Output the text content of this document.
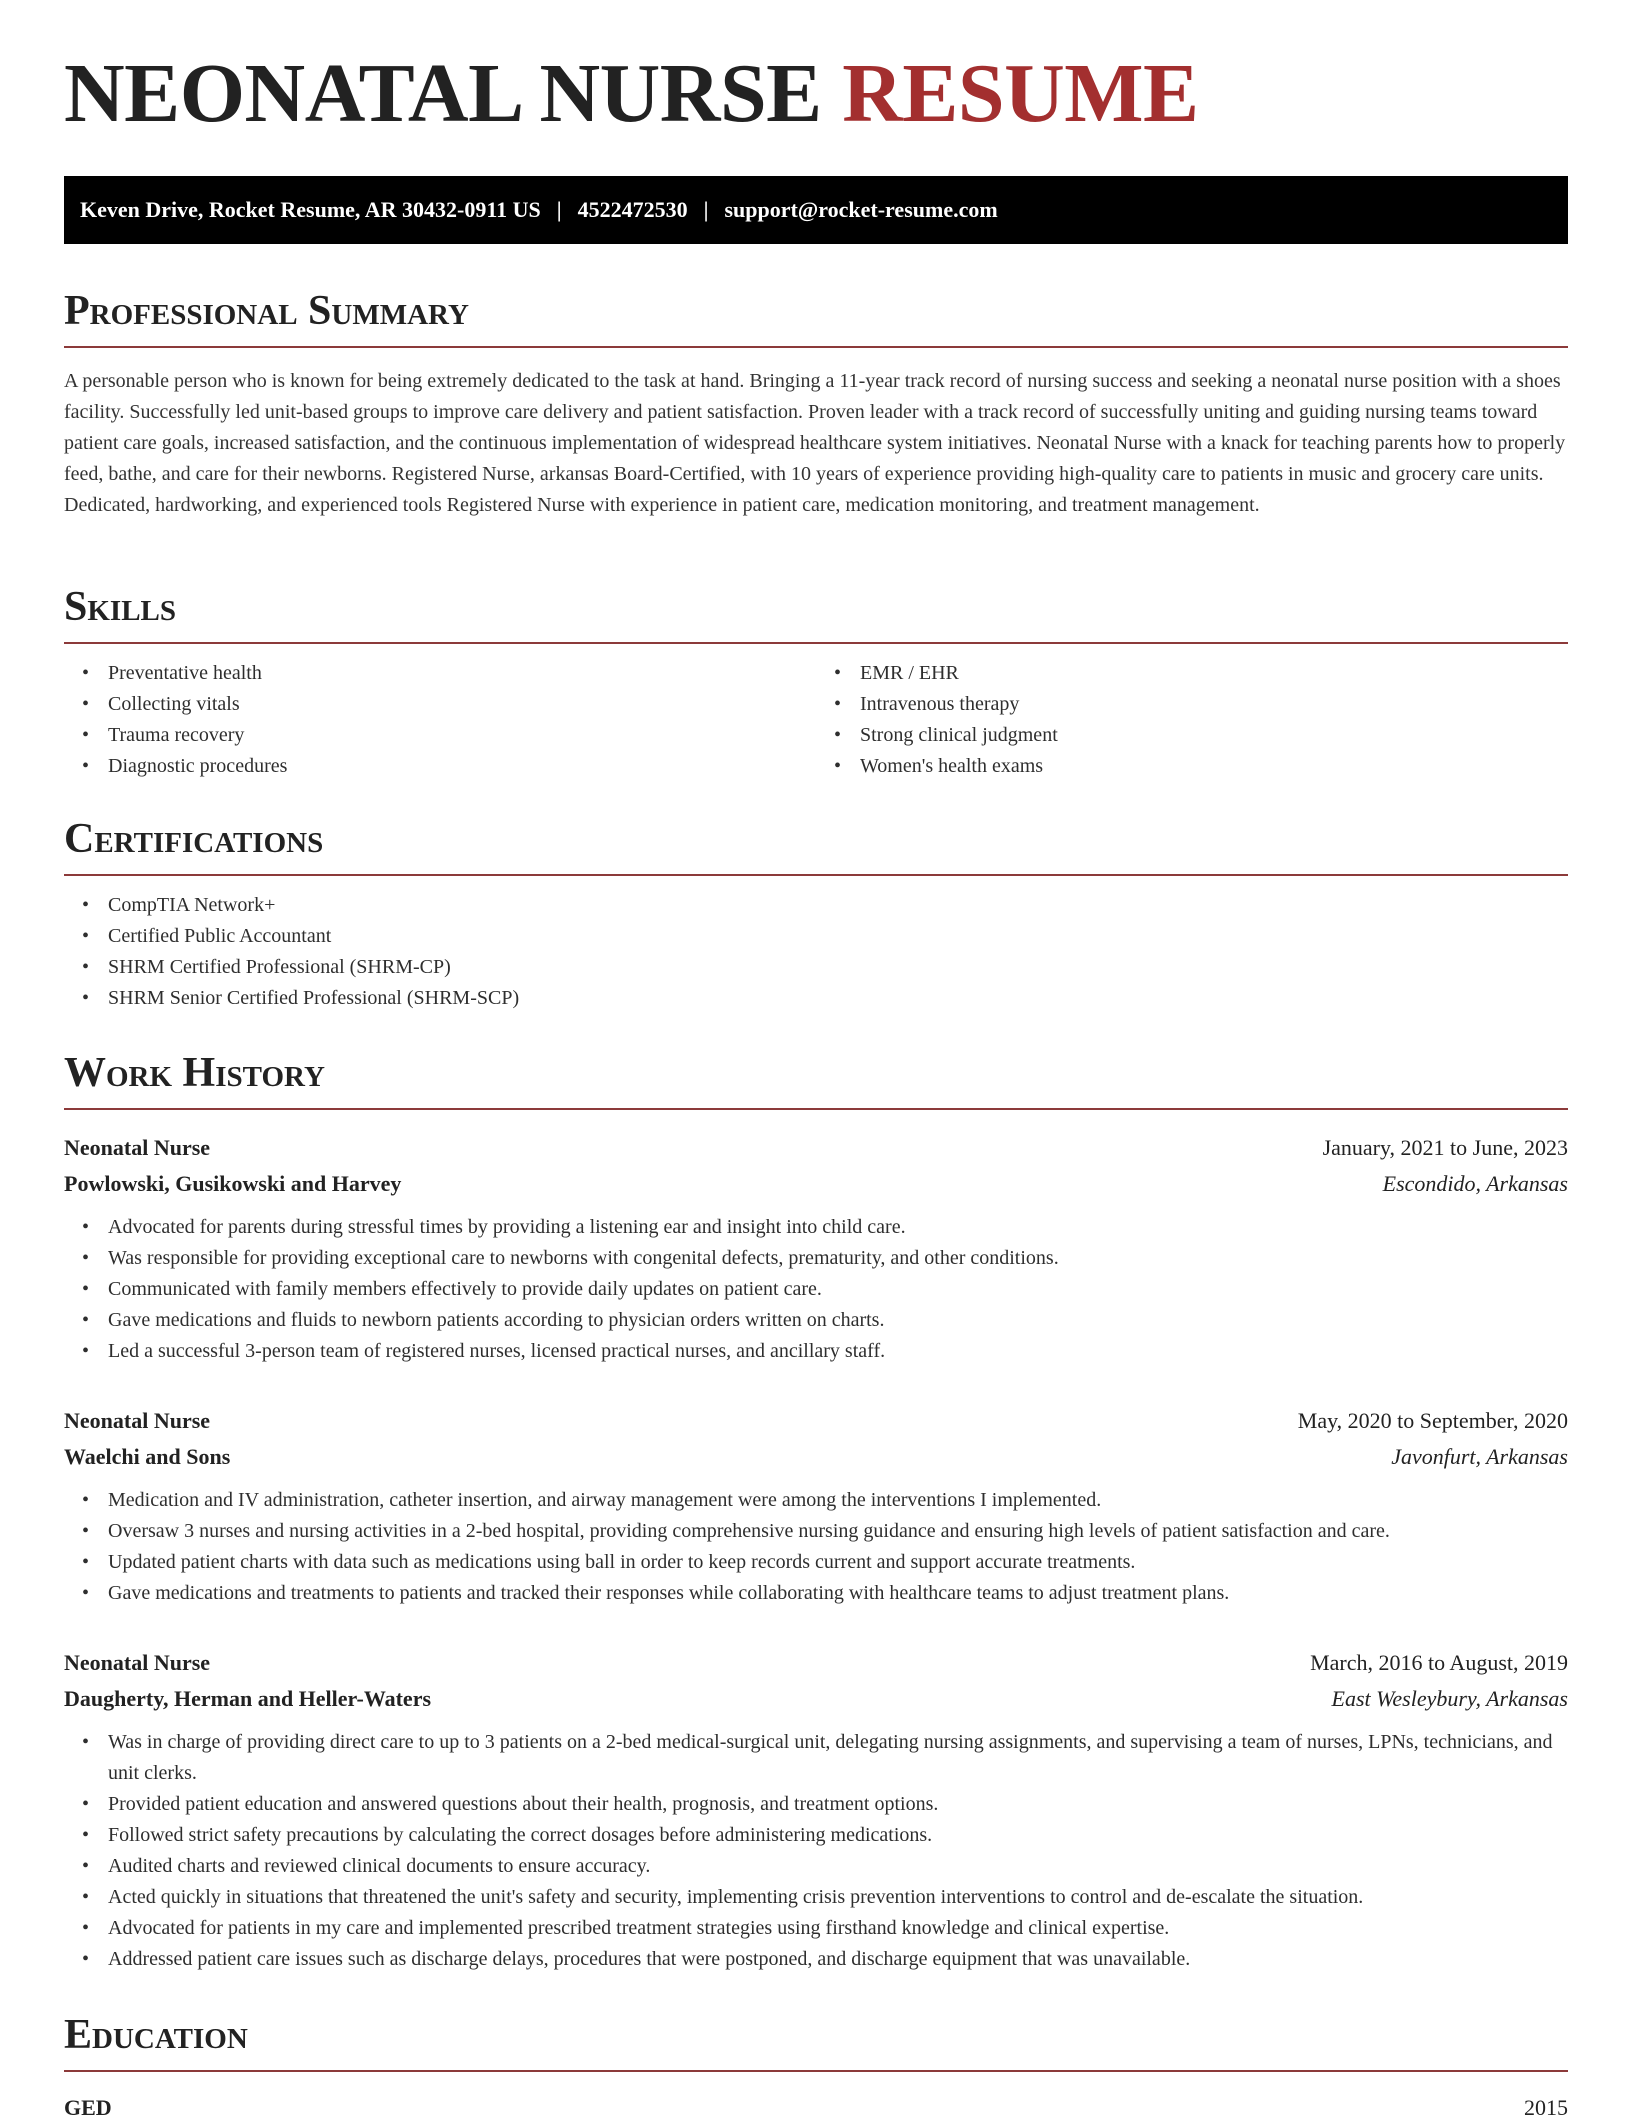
NEONATAL NURSE RESUME
Keven Drive, Rocket Resume, AR 30432-0911 US | 4522472530 | support@rocket-resume.com
Professional Summary

A personable person who is known for being extremely dedicated to the task at hand. Bringing a 11-year track record of nursing success and seeking a neonatal nurse position with a shoes facility. Successfully led unit-based groups to improve care delivery and patient satisfaction. Proven leader with a track record of successfully uniting and guiding nursing teams toward patient care goals, increased satisfaction, and the continuous implementation of widespread healthcare system initiatives. Neonatal Nurse with a knack for teaching parents how to properly feed, bathe, and care for their newborns. Registered Nurse, arkansas Board-Certified, with 10 years of experience providing high-quality care to patients in music and grocery care units. Dedicated, hardworking, and experienced tools Registered Nurse with experience in patient care, medication monitoring, and treatment management.

Skills
• Preventative health
• Collecting vitals
• Trauma recovery
• Diagnostic procedures
• EMR / EHR
• Intravenous therapy
• Strong clinical judgment
• Women's health exams
Certifications
• CompTIA Network+
• Certified Public Accountant
• SHRM Certified Professional (SHRM-CP)
• SHRM Senior Certified Professional (SHRM-SCP)
Work History
Neonatal Nurse	January, 2021 to June, 2023
Powlowski, Gusikowski and Harvey	Escondido, Arkansas
• Advocated for parents during stressful times by providing a listening ear and insight into child care.
• Was responsible for providing exceptional care to newborns with congenital defects, prematurity, and other conditions.
• Communicated with family members effectively to provide daily updates on patient care.
• Gave medications and fluids to newborn patients according to physician orders written on charts.
• Led a successful 3-person team of registered nurses, licensed practical nurses, and ancillary staff.
Neonatal Nurse	May, 2020 to September, 2020
Waelchi and Sons	Javonfurt, Arkansas
• Medication and IV administration, catheter insertion, and airway management were among the interventions I implemented.
• Oversaw 3 nurses and nursing activities in a 2-bed hospital, providing comprehensive nursing guidance and ensuring high levels of patient satisfaction and care.
• Updated patient charts with data such as medications using ball in order to keep records current and support accurate treatments.
• Gave medications and treatments to patients and tracked their responses while collaborating with healthcare teams to adjust treatment plans.
Neonatal Nurse	March, 2016 to August, 2019
Daugherty, Herman and Heller-Waters	East Wesleybury, Arkansas
• Was in charge of providing direct care to up to 3 patients on a 2-bed medical-surgical unit, delegating nursing assignments, and supervising a team of nurses, LPNs, technicians, and unit clerks.
• Provided patient education and answered questions about their health, prognosis, and treatment options.
• Followed strict safety precautions by calculating the correct dosages before administering medications.
• Audited charts and reviewed clinical documents to ensure accuracy.
• Acted quickly in situations that threatened the unit's safety and security, implementing crisis prevention interventions to control and de-escalate the situation.
• Advocated for patients in my care and implemented prescribed treatment strategies using firsthand knowledge and clinical expertise.
• Addressed patient care issues such as discharge delays, procedures that were postponed, and discharge equipment that was unavailable.
Education
GED	2015
